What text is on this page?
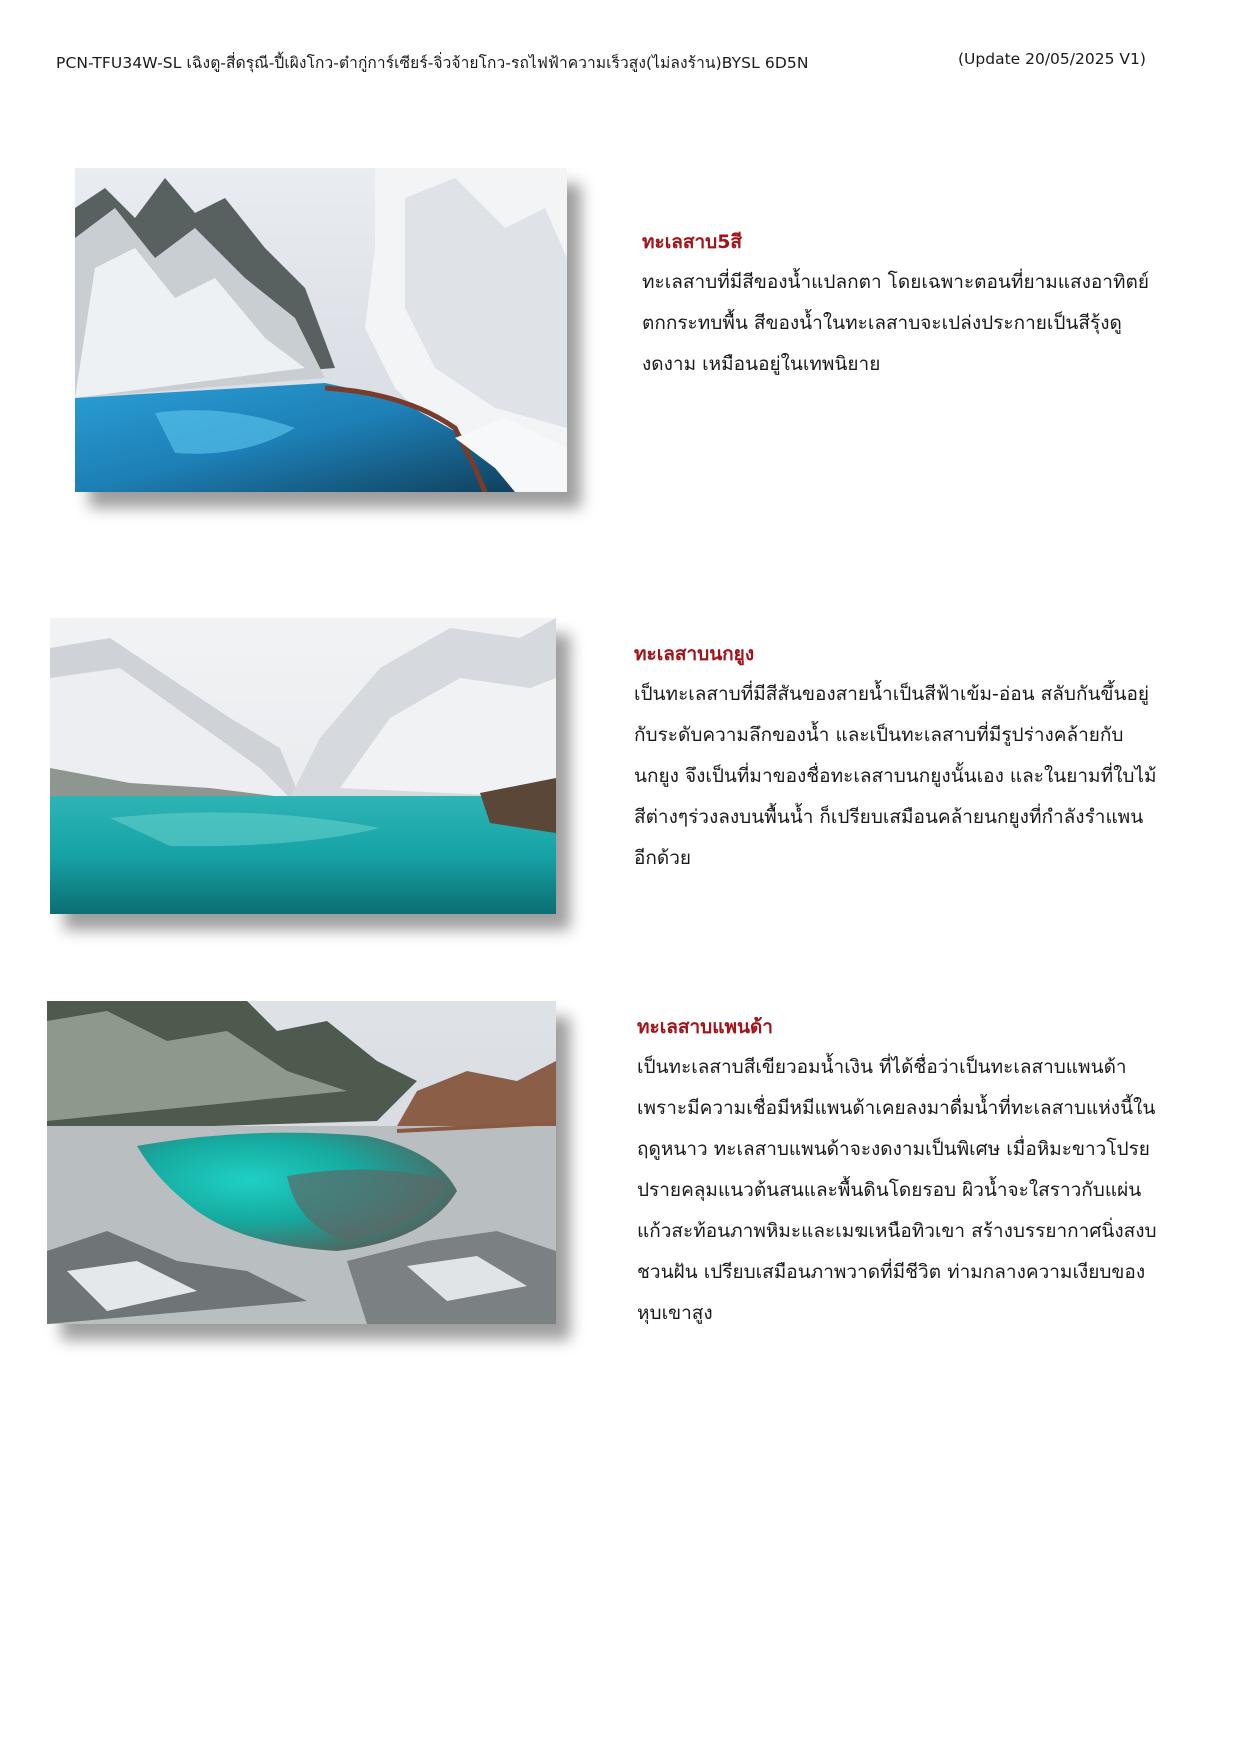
PCN-TFU34W-SL เฉิงตู-สี่ดรุณี-ปี้เผิงโกว-ต๋ากู่การ์เซียร์-จิ่วจ้ายโกว-รถไฟฟ้าความเร็วสูง(ไม่ลงร้าน)BYSL 6D5N	(Update 20/05/2025 V1)
ทะเลสาบ5สี

ทะเลสาบที่มีสีของน้ำแปลกตา โดยเฉพาะตอนที่ยามแสงอาทิตย์
ตกกระทบพื้น สีของน้ำในทะเลสาบจะเปล่งประกายเป็นสีรุ้งดู
งดงาม เหมือนอยู่ในเทพนิยาย

ทะเลสาบนกยูง

เป็นทะเลสาบที่มีสีสันของสายน้ำเป็นสีฟ้าเข้ม-อ่อน สลับกันขึ้นอยู่
กับระดับความลึกของน้ำ และเป็นทะเลสาบที่มีรูปร่างคล้ายกับ
นกยูง จึงเป็นที่มาของชื่อทะเลสาบนกยูงนั้นเอง และในยามที่ใบไม้
สีต่างๆร่วงลงบนพื้นน้ำ ก็เปรียบเสมือนคล้ายนกยูงที่กำลังรำแพน
อีกด้วย

ทะเลสาบแพนด้า

เป็นทะเลสาบสีเขียวอมน้ำเงิน ที่ได้ชื่อว่าเป็นทะเลสาบแพนด้า
เพราะมีความเชื่อมีหมีแพนด้าเคยลงมาดื่มน้ำที่ทะเลสาบแห่งนี้ใน
ฤดูหนาว ทะเลสาบแพนด้าจะงดงามเป็นพิเศษ เมื่อหิมะขาวโปรย
ปรายคลุมแนวต้นสนและพื้นดินโดยรอบ ผิวน้ำจะใสราวกับแผ่น
แก้วสะท้อนภาพหิมะและเมฆเหนือทิวเขา สร้างบรรยากาศนิ่งสงบ
ชวนฝัน เปรียบเสมือนภาพวาดที่มีชีวิต ท่ามกลางความเงียบของ
หุบเขาสูง
